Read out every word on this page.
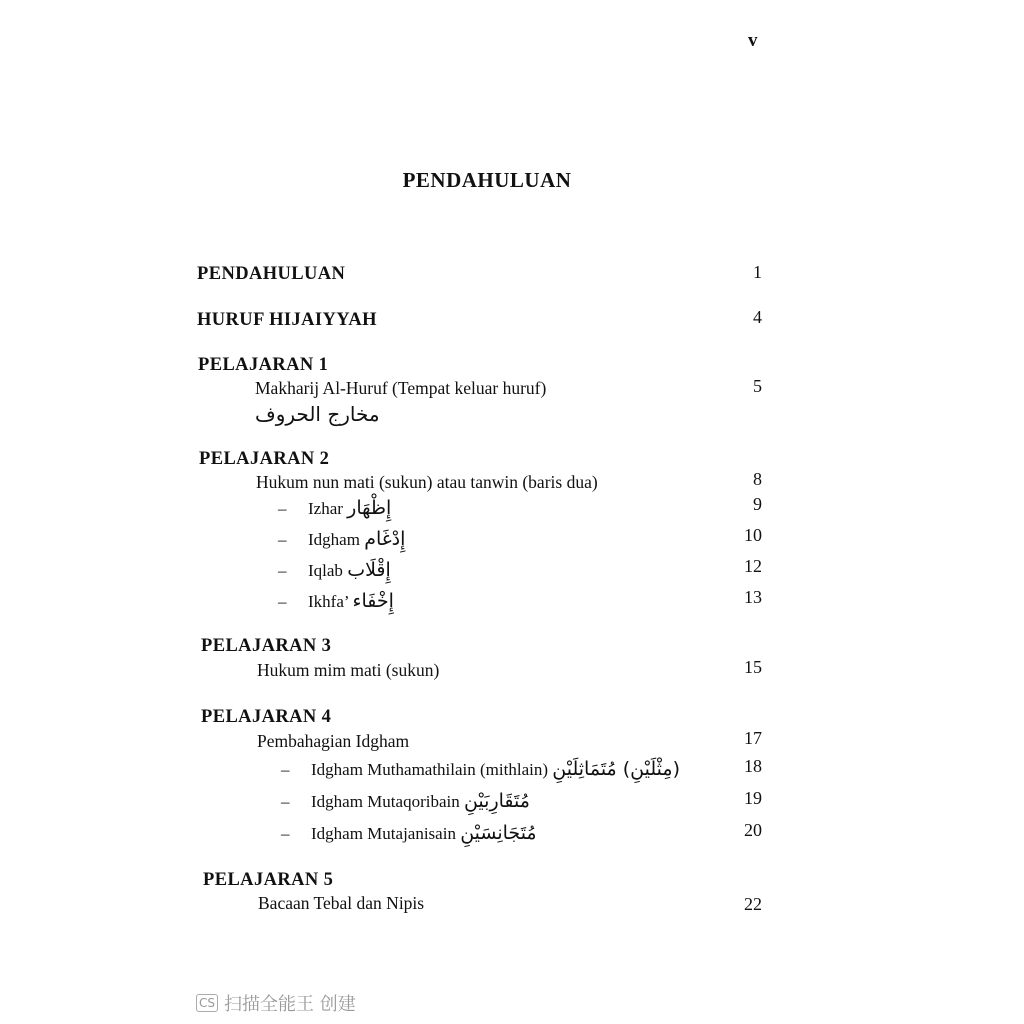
v
PENDAHULUAN
PENDAHULUAN	1
HURUF HIJAIYYAH	4
PELAJARAN 1
Makharij Al-Huruf (Tempat keluar huruf)	5
مخارج الحروف
PELAJARAN 2
Hukum nun mati (sukun) atau tanwin (baris dua)	8
– Izhar إِظْهَار	9
– Idgham إِدْغَام	10
– Iqlab إِقْلَاب	12
– Ikhfa’ إِخْفَاء	13
PELAJARAN 3
Hukum mim mati (sukun)	15
PELAJARAN 4
Pembahagian Idgham	17
– Idgham Muthamathilain (mithlain) (مِثْلَيْنِ) مُتَمَاثِلَيْنِ	18
– Idgham Mutaqoribain مُتَقَارِبَيْنِ	19
– Idgham Mutajanisain مُتَجَانِسَيْنِ	20
PELAJARAN 5
Bacaan Tebal dan Nipis	22
CS 扫描全能王 创建
